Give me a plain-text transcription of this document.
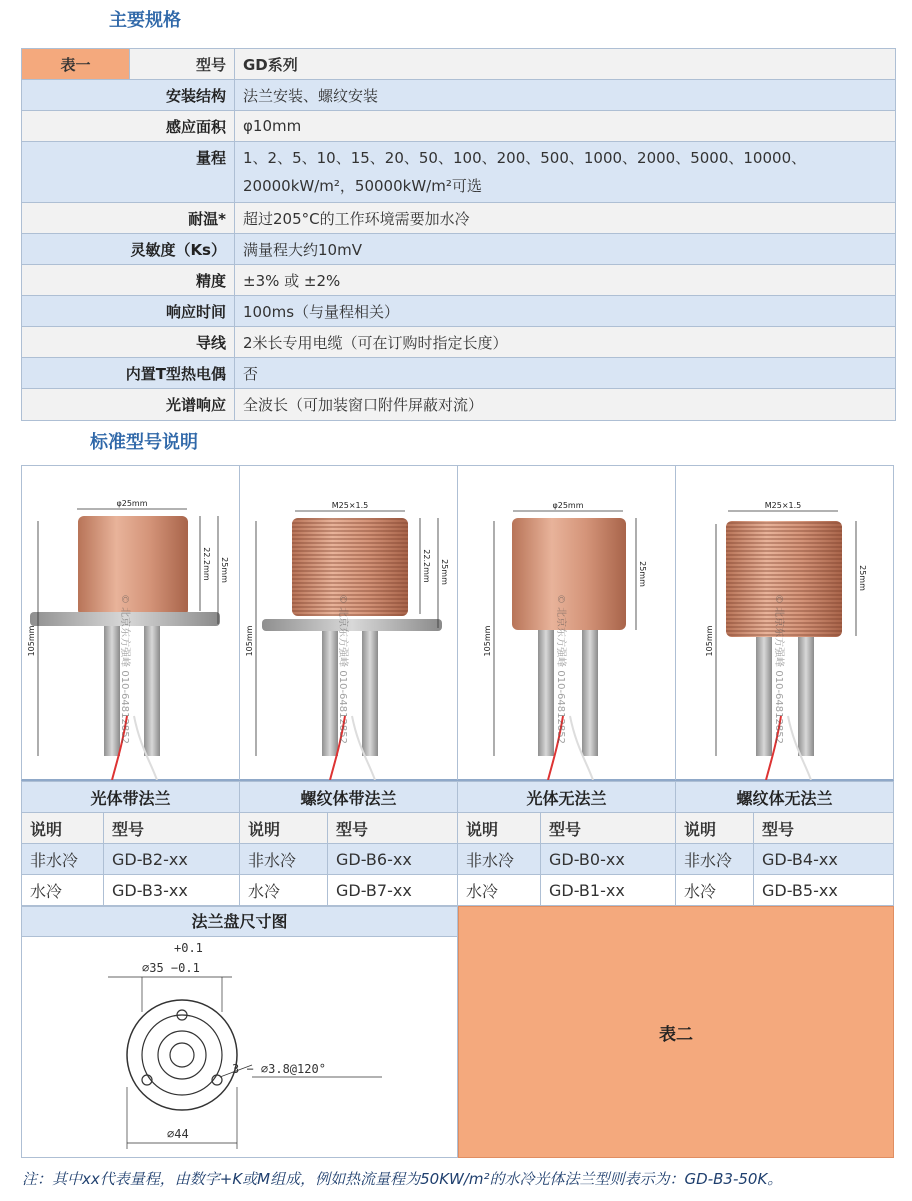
主要规格
表一	型号	GD系列
安装结构		法兰安装、螺纹安装
感应面积		φ10mm
量程		1、2、5、10、15、20、50、100、200、500、1000、2000、5000、10000、
20000kW/m²，50000kW/m²可选

耐温*		超过205°C的工作环境需要加水冷
灵敏度（Ks）		满量程大约10mV
精度		±3% 或 ±2%
响应时间		100ms（与量程相关）
导线		2米长专用电缆（可在订购时指定长度）
内置T型热电偶		否
光谱响应		全波长（可加装窗口附件屏蔽对流）
标准型号说明
φ25mm
105mm
22.2mm 25mm
© 北京东方强峰 010-64812852
M25×1.5
105mm
22.2mm 25mm
© 北京东方强峰 010-64812852
φ25mm
105mm
25mm
© 北京东方强峰 010-64812852
M25×1.5
105mm
25mm
© 北京东方强峰 010-64812852
光体带法兰		螺纹体带法兰		光体无法兰		螺纹体无法兰	
说明	型号	说明	型号	说明	型号	说明	型号
非水冷	GD-B2-xx	非水冷	GD-B6-xx	非水冷	GD-B0-xx	非水冷	GD-B4-xx
水冷	GD-B3-xx	水冷	GD-B7-xx	水冷	GD-B1-xx	水冷	GD-B5-xx
法兰盘尺寸图
+0.1
∅35 −0.1
3 − ∅3.8@120°
∅44
表二
注：其中xx代表量程，由数字+K或M组成，例如热流量程为50KW/m²的水冷光体法兰型则表示为：GD-B3-50K。
